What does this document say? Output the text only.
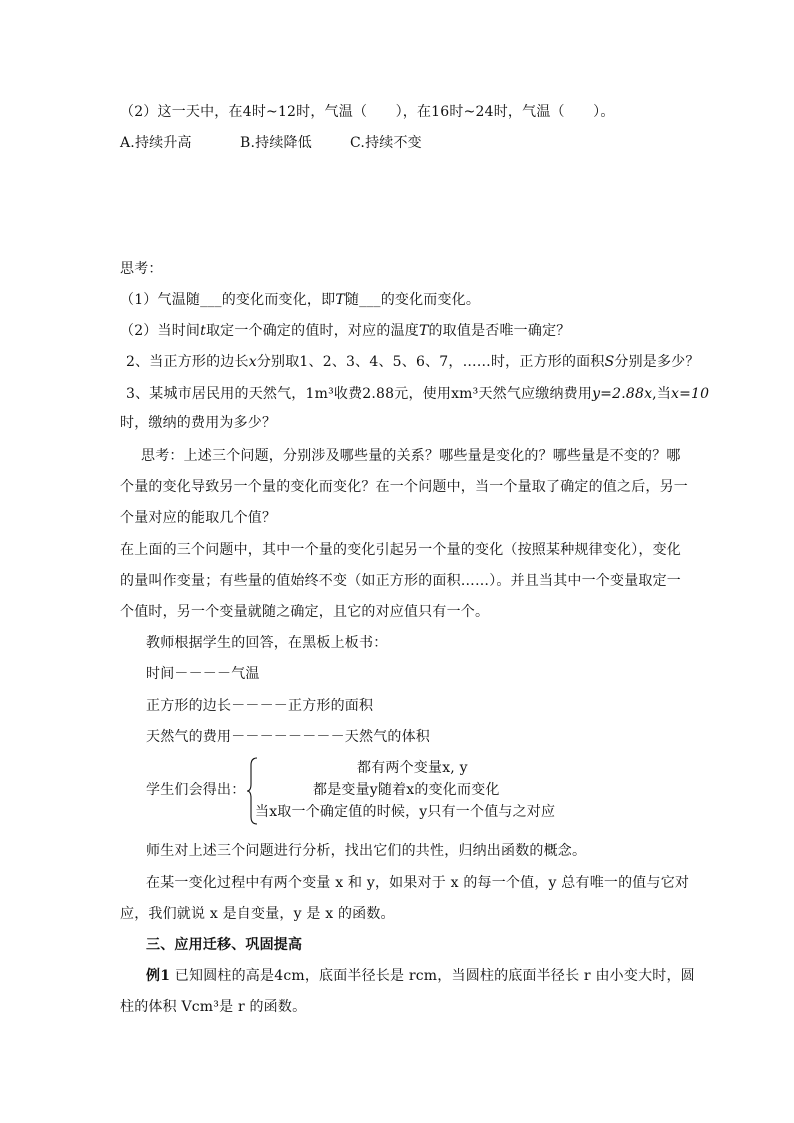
（2）这一天中，在4时~12时，气温（　　 ），在16时~24时，气温（　　 ）。
A.持续升高	B.持续降低	C.持续不变
思考：
（1）气温随___的变化而变化，即T随___的变化而变化。
（2）当时间t取定一个确定的值时，对应的温度T的取值是否唯一确定？
2、当正方形的边长x分别取1、2、3、4、5、6、7，……时，正方形的面积S分别是多少？
3、某城市居民用的天然气，1m³收费2.88元，使用xm³天然气应缴纳费用y=2.88x,当x=10
时，缴纳的费用为多少？
思考：上述三个问题，分别涉及哪些量的关系？哪些量是变化的？哪些量是不变的？哪
个量的变化导致另一个量的变化而变化？在一个问题中，当一个量取了确定的值之后，另一
个量对应的能取几个值？
在上面的三个问题中，其中一个量的变化引起另一个量的变化（按照某种规律变化），变化
的量叫作变量；有些量的值始终不变（如正方形的面积……）。并且当其中一个变量取定一
个值时，另一个变量就随之确定，且它的对应值只有一个。
教师根据学生的回答，在黑板上板书：
时间－－－－气温
正方形的边长－－－－正方形的面积
天然气的费用－－－－－－－－天然气的体积
学生们会得出：
都有两个变量x, y
都是变量y随着x的变化而变化
当x取一个确定值的时候，y只有一个值与之对应
师生对上述三个问题进行分析，找出它们的共性，归纳出函数的概念。
在某一变化过程中有两个变量 x 和 y，如果对于 x 的每一个值，y 总有唯一的值与它对
应，我们就说 x 是自变量，y 是 x 的函数。
三、应用迁移、巩固提高
例1 已知圆柱的高是4cm，底面半径长是 rcm，当圆柱的底面半径长 r 由小变大时，圆
柱的体积 Vcm³是 r 的函数。
